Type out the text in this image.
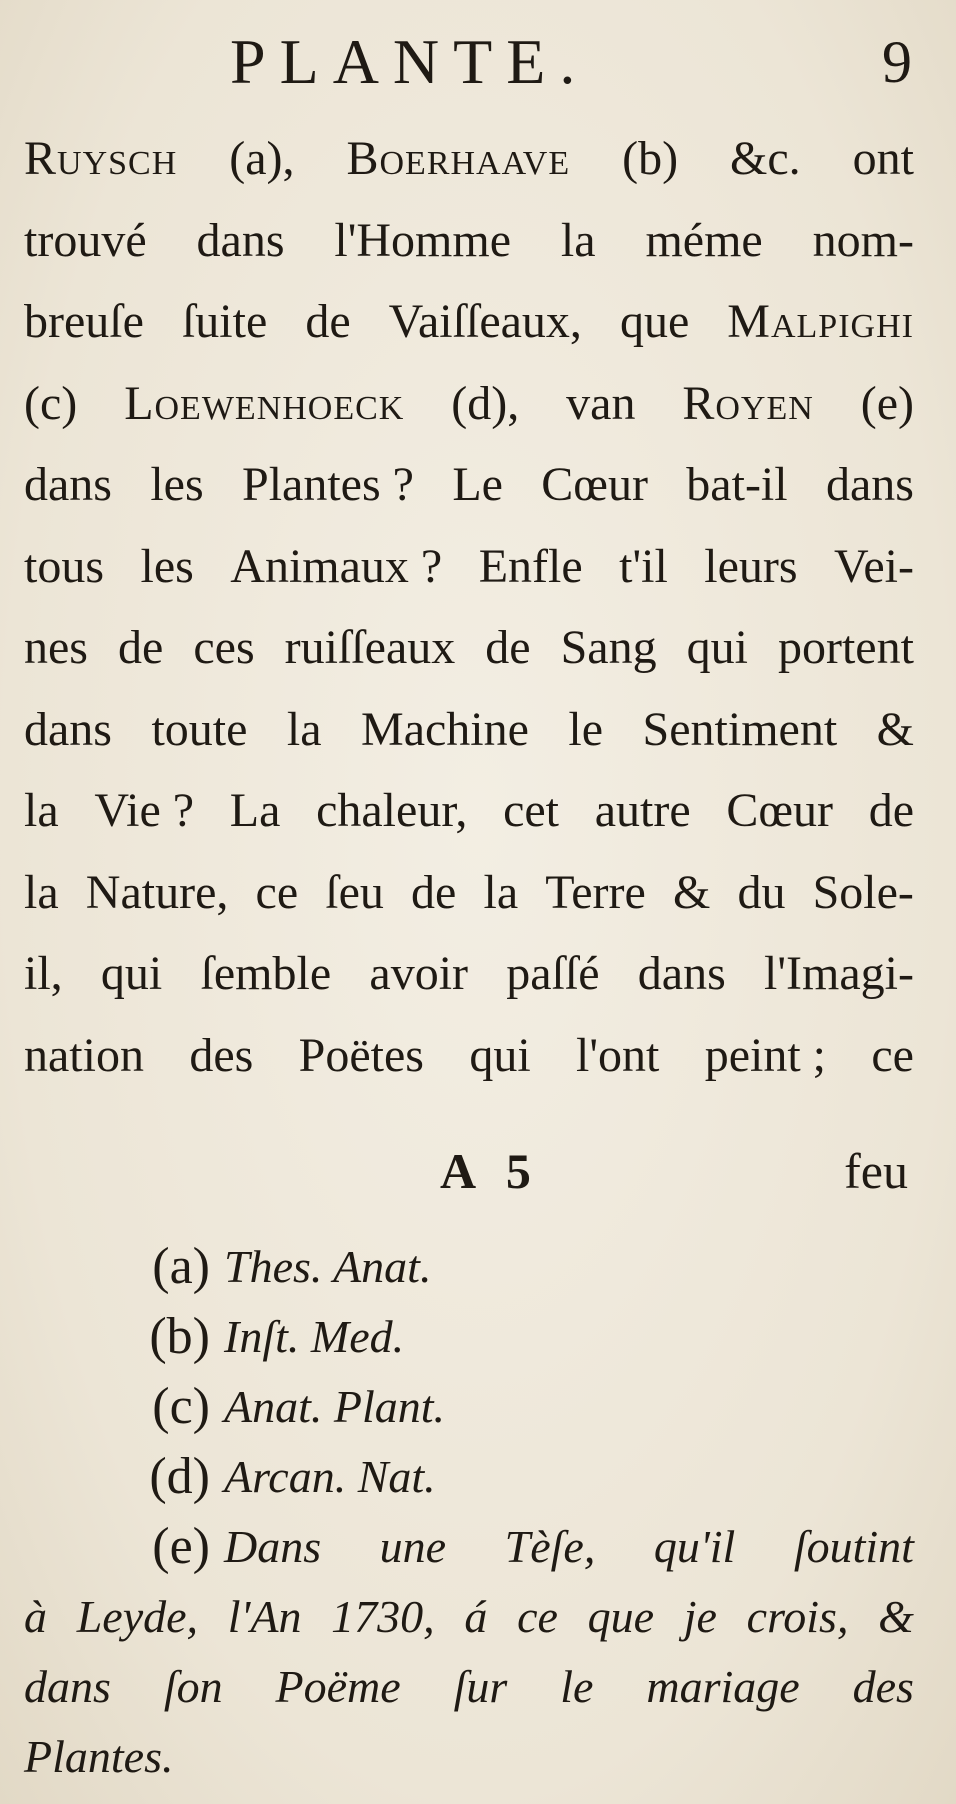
PLANTE.	9
Ruysch (a), Boerhaave (b) &c. ont
trouvé dans l'Homme la méme nom-
breuſe ſuite de Vaiſſeaux, que Malpighi
(c) Loewenhoeck (d), van Royen (e)
dans les Plantes ? Le Cœur bat-il dans
tous les Animaux ? Enfle t'il leurs Vei-
nes de ces ruiſſeaux de Sang qui portent
dans toute la Machine le Sentiment &
la Vie ? La chaleur, cet autre Cœur de
la Nature, ce ſeu de la Terre & du Sole-
il, qui ſemble avoir paſſé dans l'Imagi-
nation des Poëtes qui l'ont peint ; ce
A 5	feu
(a) Thes. Anat.
(b) Inſt. Med.
(c) Anat. Plant.
(d) Arcan. Nat.
(e) Dans une Tèſe, qu'il ſoutint
à Leyde, l'An 1730, á ce que je crois, &
dans ſon Poëme ſur le mariage des
Plantes.
